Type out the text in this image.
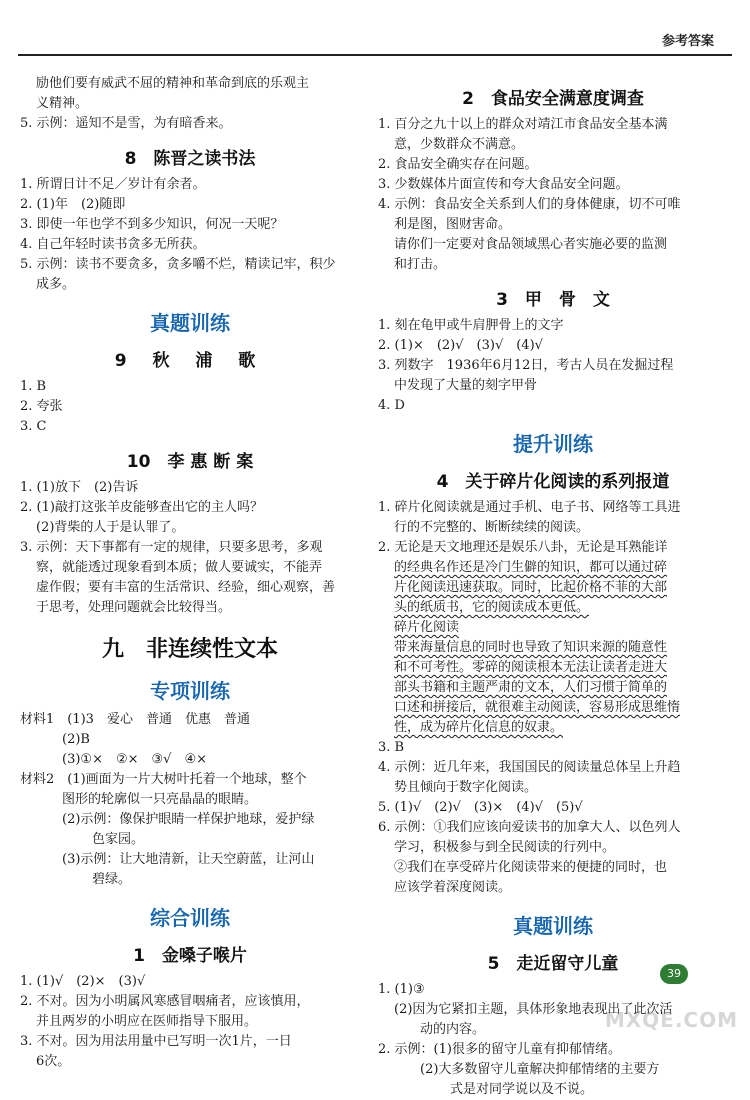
参考答案
励他们要有威武不屈的精神和革命到底的乐观主
义精神。
5. 示例：遥知不是雪，为有暗香来。
8　陈晋之读书法
1. 所谓日计不足／岁计有余者。
2. (1)年　(2)随即
3. 即使一年也学不到多少知识，何况一天呢？
4. 自己年轻时读书贪多无所获。
5. 示例：读书不要贪多，贪多嚼不烂，精读记牢，积少
成多。
真题训练
9 秋 浦 歌
1. B
2. 夸张
3. C
10　李 惠 断 案
1. (1)放下　(2)告诉
2. (1)敲打这张羊皮能够查出它的主人吗？
(2)背柴的人于是认罪了。
3. 示例：天下事都有一定的规律，只要多思考，多观
察，就能透过现象看到本质；做人要诚实，不能弄
虚作假；要有丰富的生活常识、经验，细心观察，善
于思考，处理问题就会比较得当。
九　非连续性文本
专项训练
材料1　(1)3　爱心　普通　优惠　普通
(2)B
(3)①×　②×　③√　④×
材料2　(1)画面为一片大树叶托着一个地球，整个
图形的轮廓似一只亮晶晶的眼睛。
(2)示例：像保护眼睛一样保护地球，爱护绿
色家园。
(3)示例：让大地清新，让天空蔚蓝，让河山
碧绿。
综合训练
1　金嗓子喉片
1. (1)√　(2)×　(3)√
2. 不对。因为小明属风寒感冒咽痛者，应该慎用，
并且两岁的小明应在医师指导下服用。
3. 不对。因为用法用量中已写明一次1片，一日
6次。
2　食品安全满意度调查
1. 百分之九十以上的群众对靖江市食品安全基本满
意，少数群众不满意。
2. 食品安全确实存在问题。
3. 少数媒体片面宣传和夸大食品安全问题。
4. 示例：食品安全关系到人们的身体健康，切不可唯
利是图，图财害命。
请你们一定要对食品领域黑心者实施必要的监测
和打击。
3　甲　骨　文
1. 刻在龟甲或牛肩胛骨上的文字
2. (1)×　(2)√　(3)√　(4)√
3. 列数字　1936年6月12日，考古人员在发掘过程
中发现了大量的刻字甲骨
4. D
提升训练
4　关于碎片化阅读的系列报道
1. 碎片化阅读就是通过手机、电子书、网络等工具进
行的不完整的、断断续续的阅读。
2. 无论是天文地理还是娱乐八卦，无论是耳熟能详
的经典名作还是冷门生僻的知识，都可以通过碎
片化阅读迅速获取。同时，比起价格不菲的大部
头的纸质书，它的阅读成本更低。
碎片化阅读
带来海量信息的同时也导致了知识来源的随意性
和不可考性。零碎的阅读根本无法让读者走进大
部头书籍和主题严肃的文本，人们习惯于简单的
口述和拼接后，就很难主动阅读，容易形成思维惰
性，成为碎片化信息的奴隶。
3. B
4. 示例：近几年来，我国国民的阅读量总体呈上升趋
势且倾向于数字化阅读。
5. (1)√　(2)√　(3)×　(4)√　(5)√
6. 示例：①我们应该向爱读书的加拿大人、以色列人
学习，积极参与到全民阅读的行列中。
②我们在享受碎片化阅读带来的便捷的同时，也
应该学着深度阅读。
真题训练
5　走近留守儿童
1. (1)③
(2)因为它紧扣主题，具体形象地表现出了此次活
动的内容。
2. 示例：(1)很多的留守儿童有抑郁情绪。
(2)大多数留守儿童解决抑郁情绪的主要方
式是对同学说以及不说。
39
MXQE.COM
